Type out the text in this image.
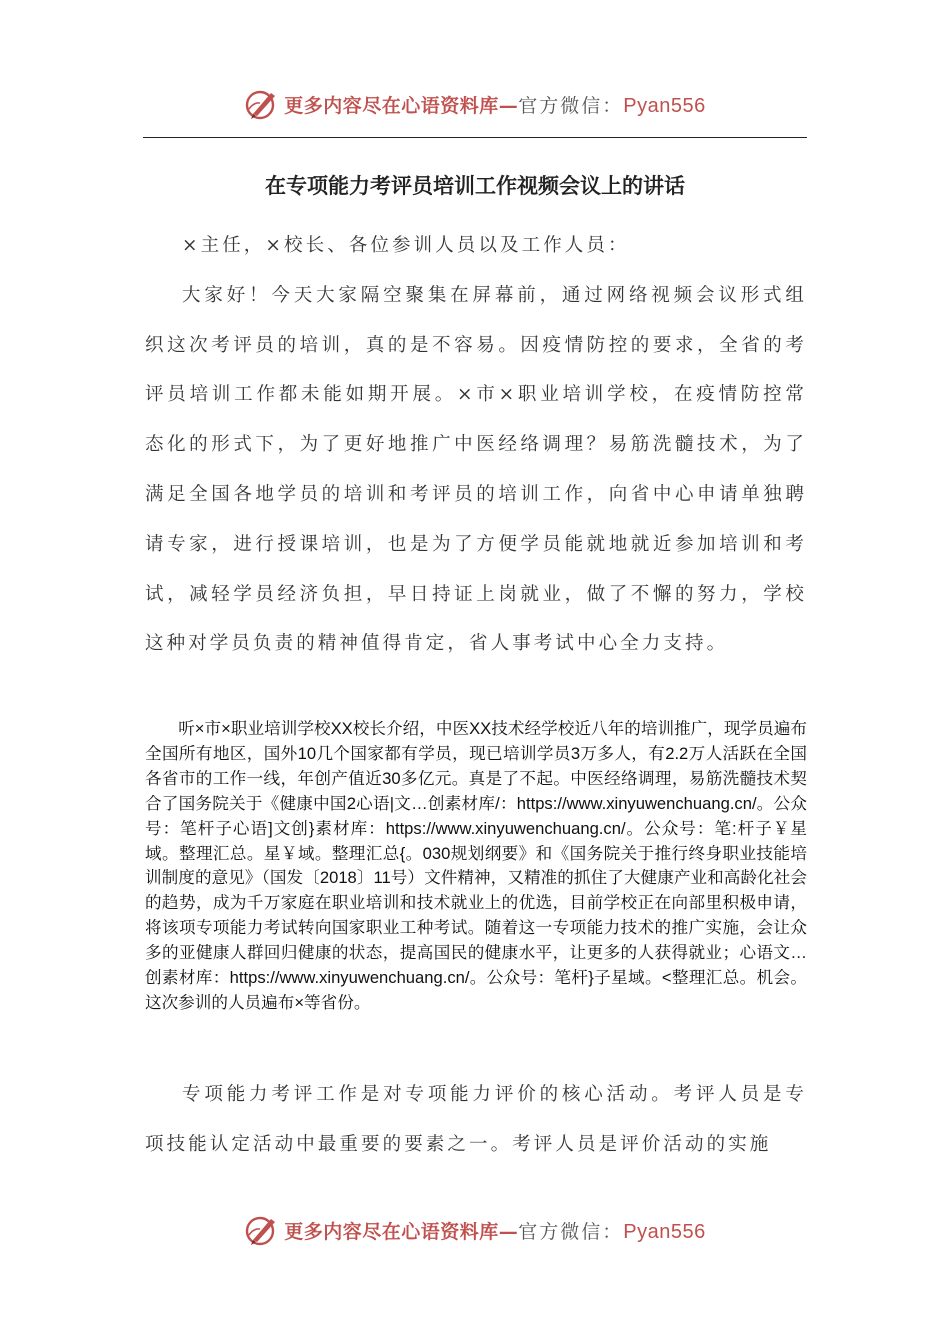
更多内容尽在心语资料库—官方微信：Pyan556
在专项能力考评员培训工作视频会议上的讲话

×主任，×校长、各位参训人员以及工作人员：

大家好！今天大家隔空聚集在屏幕前，通过网络视频会议形式组织这次考评员的培训，真的是不容易。因疫情防控的要求，全省的考评员培训工作都未能如期开展。×市×职业培训学校，在疫情防控常态化的形式下，为了更好地推广中医经络调理？易筋洗髓技术，为了满足全国各地学员的培训和考评员的培训工作，向省中心申请单独聘请专家，进行授课培训，也是为了方便学员能就地就近参加培训和考试，减轻学员经济负担，早日持证上岗就业，做了不懈的努力，学校这种对学员负责的精神值得肯定，省人事考试中心全力支持。

听×市×职业培训学校XX校长介绍，中医XX技术经学校近八年的培训推广，现学员遍布全国所有地区，国外10几个国家都有学员，现已培训学员3万多人，有2.2万人活跃在全国各省市的工作一线，年创产值近30多亿元。真是了不起。中医经络调理，易筋洗髓技术契合了国务院关于《健康中国2心语|文…创素材库/：https://www.xinyuwenchuang.cn/。公众号：笔杆子心语]文创}素材库：https://www.xinyuwenchuang.cn/。公众号：笔:杆子￥星域。整理汇总。星￥域。整理汇总{。030规划纲要》和《国务院关于推行终身职业技能培训制度的意见》（国发〔2018〕11号）文件精神，又精准的抓住了大健康产业和高龄化社会的趋势，成为千万家庭在职业培训和技术就业上的优选，目前学校正在向部里积极申请，将该项专项能力考试转向国家职业工种考试。随着这一专项能力技术的推广实施，会让众多的亚健康人群回归健康的状态，提高国民的健康水平，让更多的人获得就业；心语文…创素材库：https://www.xinyuwenchuang.cn/。公众号：笔杆}子星域。<整理汇总。机会。这次参训的人员遍布×等省份。

专项能力考评工作是对专项能力评价的核心活动。考评人员是专项技能认定活动中最重要的要素之一。考评人员是评价活动的实施

更多内容尽在心语资料库—官方微信：Pyan556
